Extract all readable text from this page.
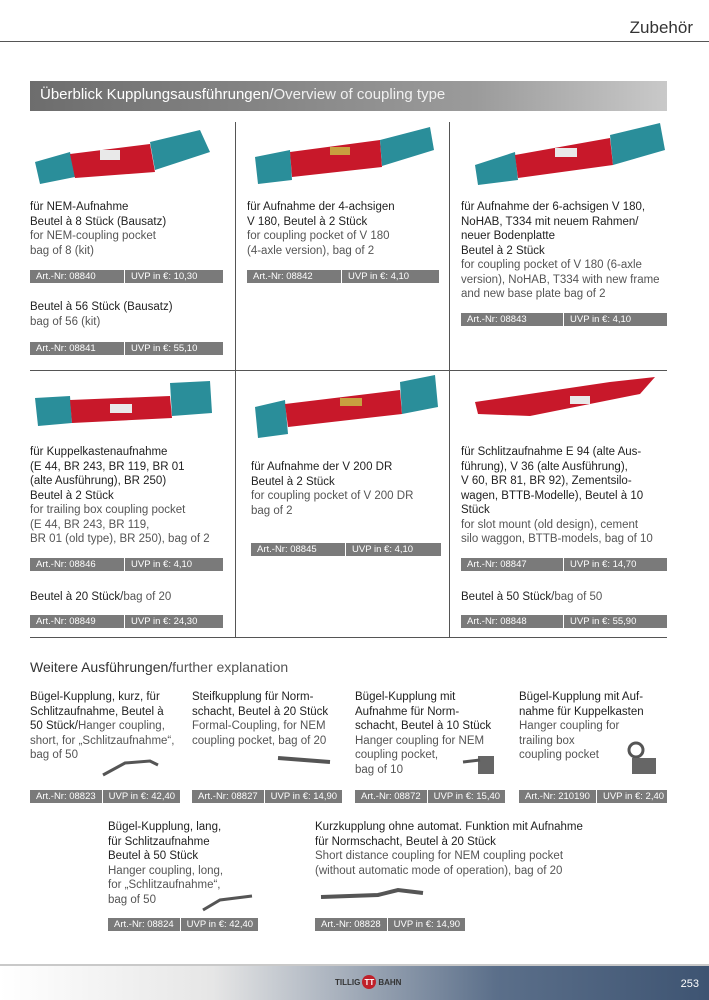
Zubehör
Überblick Kupplungsausführungen/Overview of coupling type
für NEM-Aufnahme
Beutel à 8 Stück (Bausatz)
for NEM-coupling pocket
bag of 8 (kit)
Art.-Nr: 08840	UVP in €: 10,30
Beutel à 56 Stück (Bausatz)
bag of 56 (kit)
Art.-Nr: 08841	UVP in €: 55,10
für Aufnahme der 4-achsigen
V 180, Beutel à 2 Stück
for coupling pocket of V 180
(4-axle version), bag of 2
Art.-Nr: 08842	UVP in €: 4,10
für Aufnahme der 6-achsigen V 180,
NoHAB, T334 mit neuem Rahmen/
neuer Bodenplatte
Beutel à 2 Stück
for coupling pocket of V 180 (6-axle
version), NoHAB, T334 with new frame
and new base plate bag of 2
Art.-Nr: 08843	UVP in €: 4,10
für Kuppelkastenaufnahme
(E 44, BR 243, BR 119, BR 01
(alte Ausführung), BR 250)
Beutel à 2 Stück
for trailing box coupling pocket
(E 44, BR 243, BR 119,
BR 01 (old type), BR 250), bag of 2
Art.-Nr: 08846	UVP in €: 4,10
Beutel à 20 Stück/bag of 20
Art.-Nr: 08849	UVP in €: 24,30
für Aufnahme der V 200 DR
Beutel à 2 Stück
for coupling pocket of V 200 DR
bag of 2
Art.-Nr: 08845	UVP in €: 4,10
für Schlitzaufnahme E 94 (alte Aus-
führung), V 36 (alte Ausführung),
V 60, BR 81, BR 92), Zementsilo-
wagen, BTTB-Modelle), Beutel à 10
Stück
for slot mount (old design), cement
silo waggon, BTTB-models, bag of 10
Art.-Nr: 08847	UVP in €: 14,70
Beutel à 50 Stück/bag of 50
Art.-Nr: 08848	UVP in €: 55,90
Weitere Ausführungen/further explanation
Bügel-Kupplung, kurz, für
Schlitzaufnahme, Beutel à
50 Stück/Hanger coupling,
short, for „Schlitzaufnahme“,
bag of 50
Art.-Nr: 08823	UVP in €: 42,40
Steifkupplung für Norm-
schacht, Beutel à 20 Stück
Formal-Coupling, for NEM
coupling pocket, bag of 20
Art.-Nr: 08827	UVP in €: 14,90
Bügel-Kupplung mit
Aufnahme für Norm-
schacht, Beutel à 10 Stück
Hanger coupling for NEM
coupling pocket,
bag of 10
Art.-Nr: 08872	UVP in €: 15,40
Bügel-Kupplung mit Auf-
nahme für Kuppelkasten
Hanger coupling for
trailing box
coupling pocket
Art.-Nr: 210190	UVP in €: 2,40
Bügel-Kupplung, lang,
für Schlitzaufnahme
Beutel à 50 Stück
Hanger coupling, long,
for „Schlitzaufnahme“,
bag of 50
Art.-Nr: 08824	UVP in €: 42,40
Kurzkupplung ohne automat. Funktion mit Aufnahme
für Normschacht, Beutel à 20 Stück
Short distance coupling for NEM coupling pocket
(without automatic mode of operation), bag of 20
Art.-Nr: 08828	UVP in €: 14,90
TILLIG TT BAHN	253
